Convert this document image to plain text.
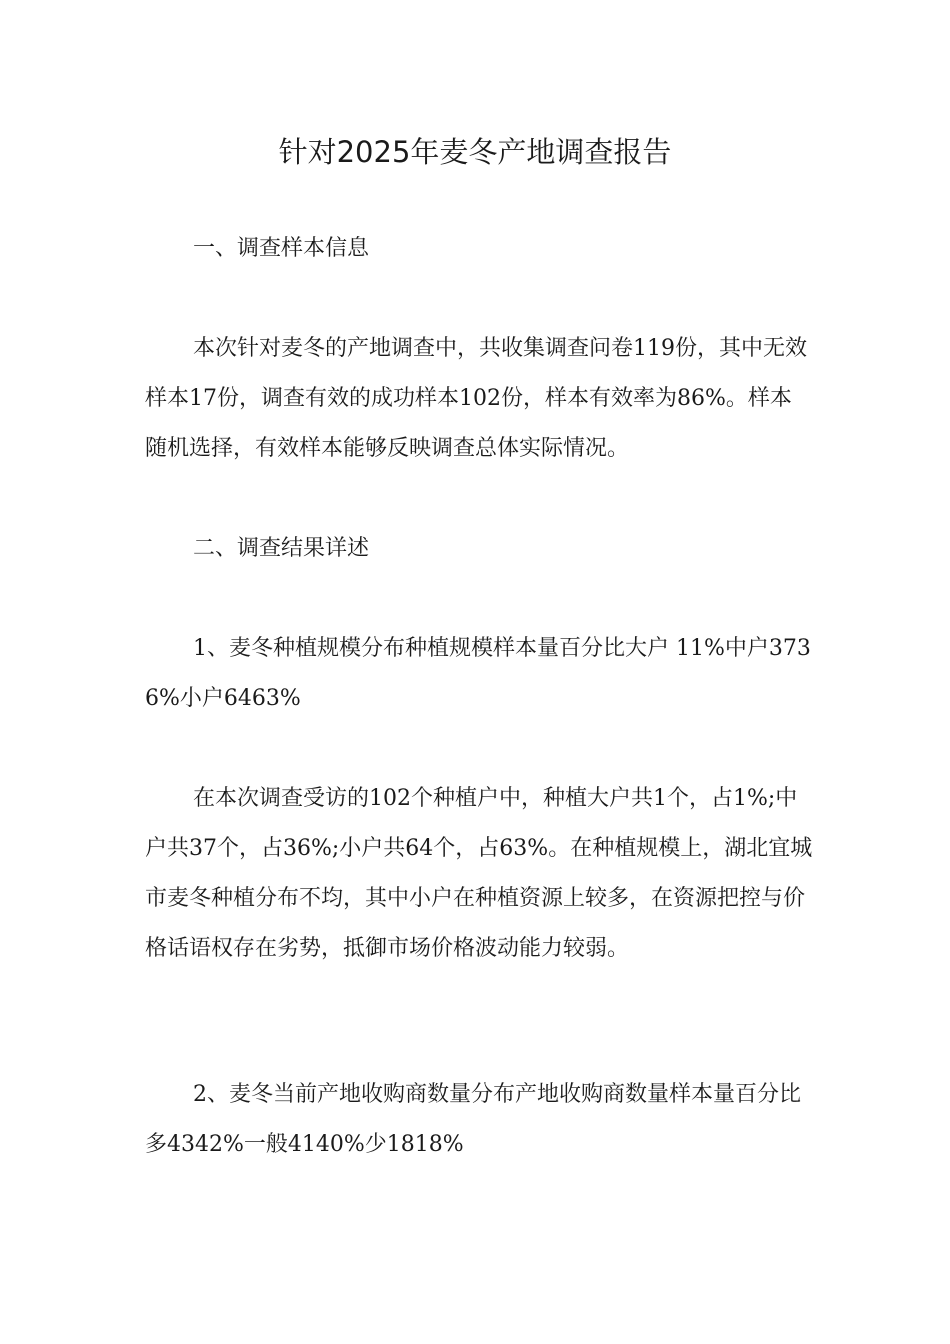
针对2025年麦冬产地调查报告

一、调查样本信息

本次针对麦冬的产地调查中，共收集调查问卷119份，其中无效样本17份，调查有效的成功样本102份，样本有效率为86%。样本随机选择，有效样本能够反映调查总体实际情况。

二、调查结果详述

1、麦冬种植规模分布种植规模样本量百分比大户 11%中户3736%小户6463%

在本次调查受访的102个种植户中，种植大户共1个，占1%;中户共37个，占36%;小户共64个，占63%。在种植规模上，湖北宜城市麦冬种植分布不均，其中小户在种植资源上较多，在资源把控与价格话语权存在劣势，抵御市场价格波动能力较弱。

2、麦冬当前产地收购商数量分布产地收购商数量样本量百分比多4342%一般4140%少1818%
